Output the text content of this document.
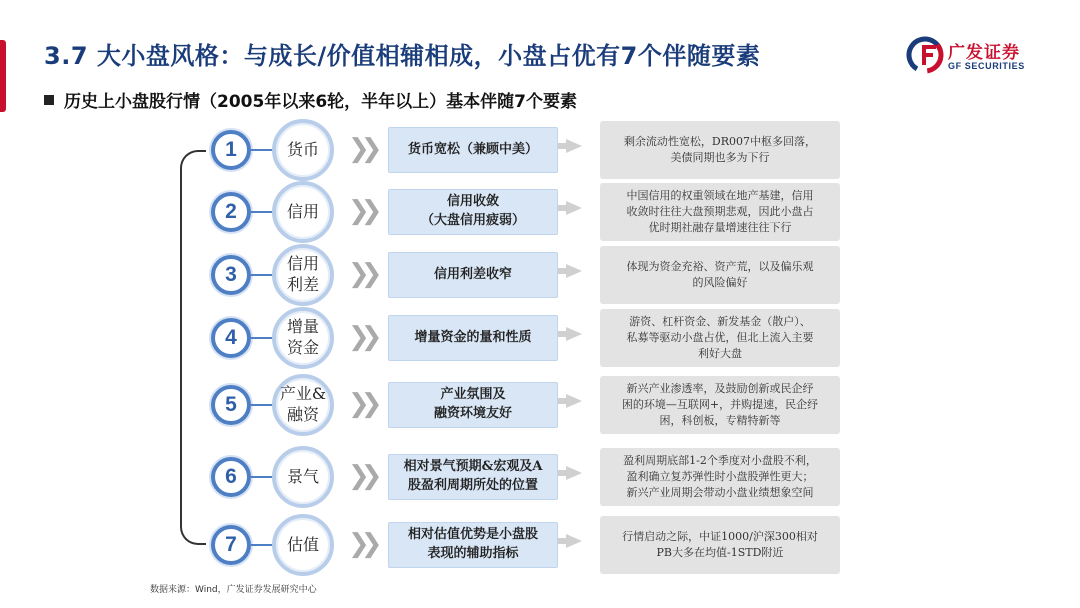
3.7 大小盘风格：与成长/价值相辅相成，小盘占优有7个伴随要素
历史上小盘股行情（2005年以来6轮，半年以上）基本伴随7个要素
广发证券
GF SECURITIES
1	货币	❯❯	货币宽松（兼顾中美）
剩余流动性宽松，DR007中枢多回落，
美债同期也多为下行
2	信用	❯❯	信用收敛
（大盘信用疲弱）
中国信用的权重领域在地产基建，信用
收敛时往往大盘预期悲观，因此小盘占
优时期社融存量增速往往下行
3	信用
利差	❯❯	信用利差收窄
体现为资金充裕、资产荒，以及偏乐观
的风险偏好
4	增量
资金	❯❯	增量资金的量和性质
游资、杠杆资金、新发基金（散户）、
私募等驱动小盘占优，但北上流入主要
利好大盘
5	产业&
融资	❯❯	产业氛围及
融资环境友好
新兴产业渗透率，及鼓励创新或民企纾
困的环境—互联网+，并购提速，民企纾
困，科创板，专精特新等
6	景气	❯❯	相对景气预期&宏观及A
股盈利周期所处的位置
盈利周期底部1-2个季度对小盘股不利，
盈利确立复苏弹性时小盘股弹性更大；
新兴产业周期会带动小盘业绩想象空间
7	估值	❯❯	相对估值优势是小盘股
表现的辅助指标
行情启动之际，中证1000/沪深300相对
PB大多在均值-1STD附近
数据来源：Wind，广发证券发展研究中心
